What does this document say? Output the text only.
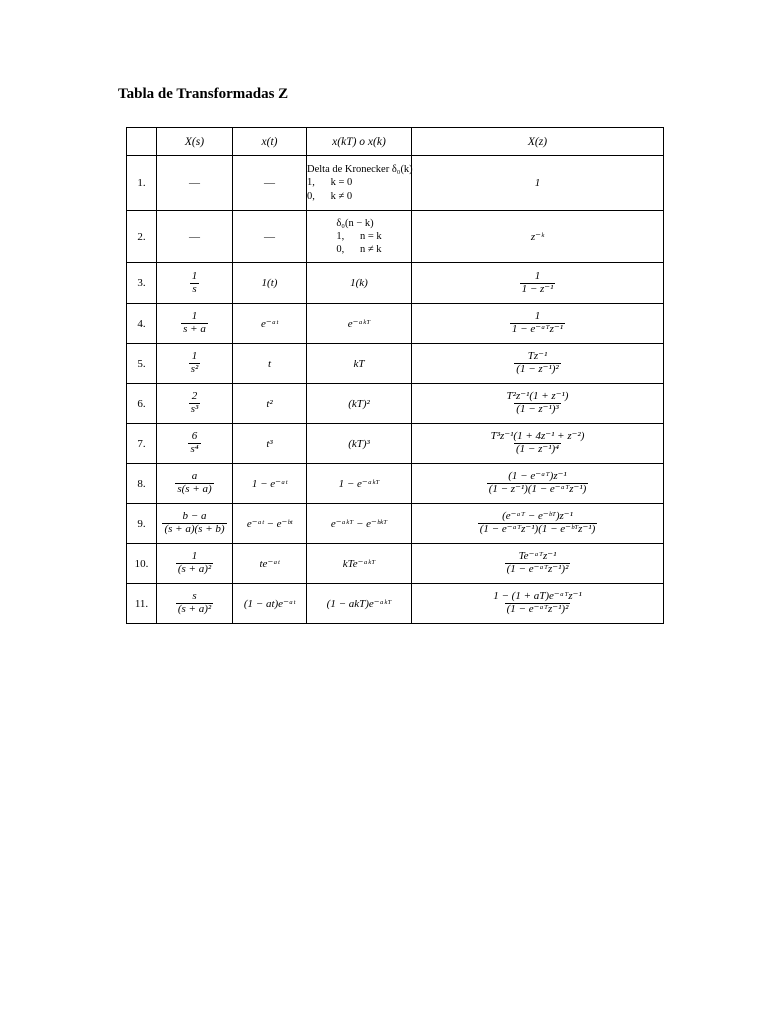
Tabla de Transformadas Z
	X(s)	x(t)	x(kT) o x(k)	X(z)
1.	—	—	Delta de Kronecker δ₀(k)
1,      k = 0
0,      k ≠ 0	1
2.	—	—	δ₀(n − k)
1,      n = k
0,      n ≠ k	z⁻ᵏ
3.	$\frac{1}{s}$	1(t)	1(k)	$\frac{1}{\text{1 − z⁻¹}}$

4.	$\frac{1}{s + a}$	e⁻ᵃᵗ	e⁻ᵃᵏᵀ	$\frac{1}{\text{1 − e⁻ᵃᵀz⁻¹}}$

5.	$\frac{1}{\text{s²}}$	t	kT	$\frac{\text{Tz⁻¹}}{\text{(1 − z⁻¹)²}}$

6.	$\frac{2}{\text{s³}}$	t²	(kT)²	$\frac{\text{T²z⁻¹(1 + z⁻¹)}}{\text{(1 − z⁻¹)³}}$

7.	$\frac{6}{\text{s⁴}}$	t³	(kT)³	$\frac{\text{T³z⁻¹(1 + 4z⁻¹ + z⁻²)}}{\text{(1 − z⁻¹)⁴}}$

8.	$\frac{a}{s(s + a)}$	1 − e⁻ᵃᵗ	1 − e⁻ᵃᵏᵀ	$\frac{\text{(1 − e⁻ᵃᵀ)z⁻¹}}{\text{(1 − z⁻¹)(1 − e⁻ᵃᵀz⁻¹)}}$

9.	$\frac{b - a}{(s + a)(s + b)}$	e⁻ᵃᵗ − e⁻ᵇᵗ	e⁻ᵃᵏᵀ − e⁻ᵇᵏᵀ	$\frac{\text{(e⁻ᵃᵀ − e⁻ᵇᵀ)z⁻¹}}{\text{(1 − e⁻ᵃᵀz⁻¹)(1 − e⁻ᵇᵀz⁻¹)}}$

10.	$\frac{1}{\text{(s + a)²}}$	te⁻ᵃᵗ	kTe⁻ᵃᵏᵀ	$\frac{\text{Te⁻ᵃᵀz⁻¹}}{\text{(1 − e⁻ᵃᵀz⁻¹)²}}$

11.	$\frac{s}{\text{(s + a)²}}$	(1 − at)e⁻ᵃᵗ	(1 − akT)e⁻ᵃᵏᵀ	$\frac{\text{1 − (1 + aT)e⁻ᵃᵀz⁻¹}}{\text{(1 − e⁻ᵃᵀz⁻¹)²}}$
